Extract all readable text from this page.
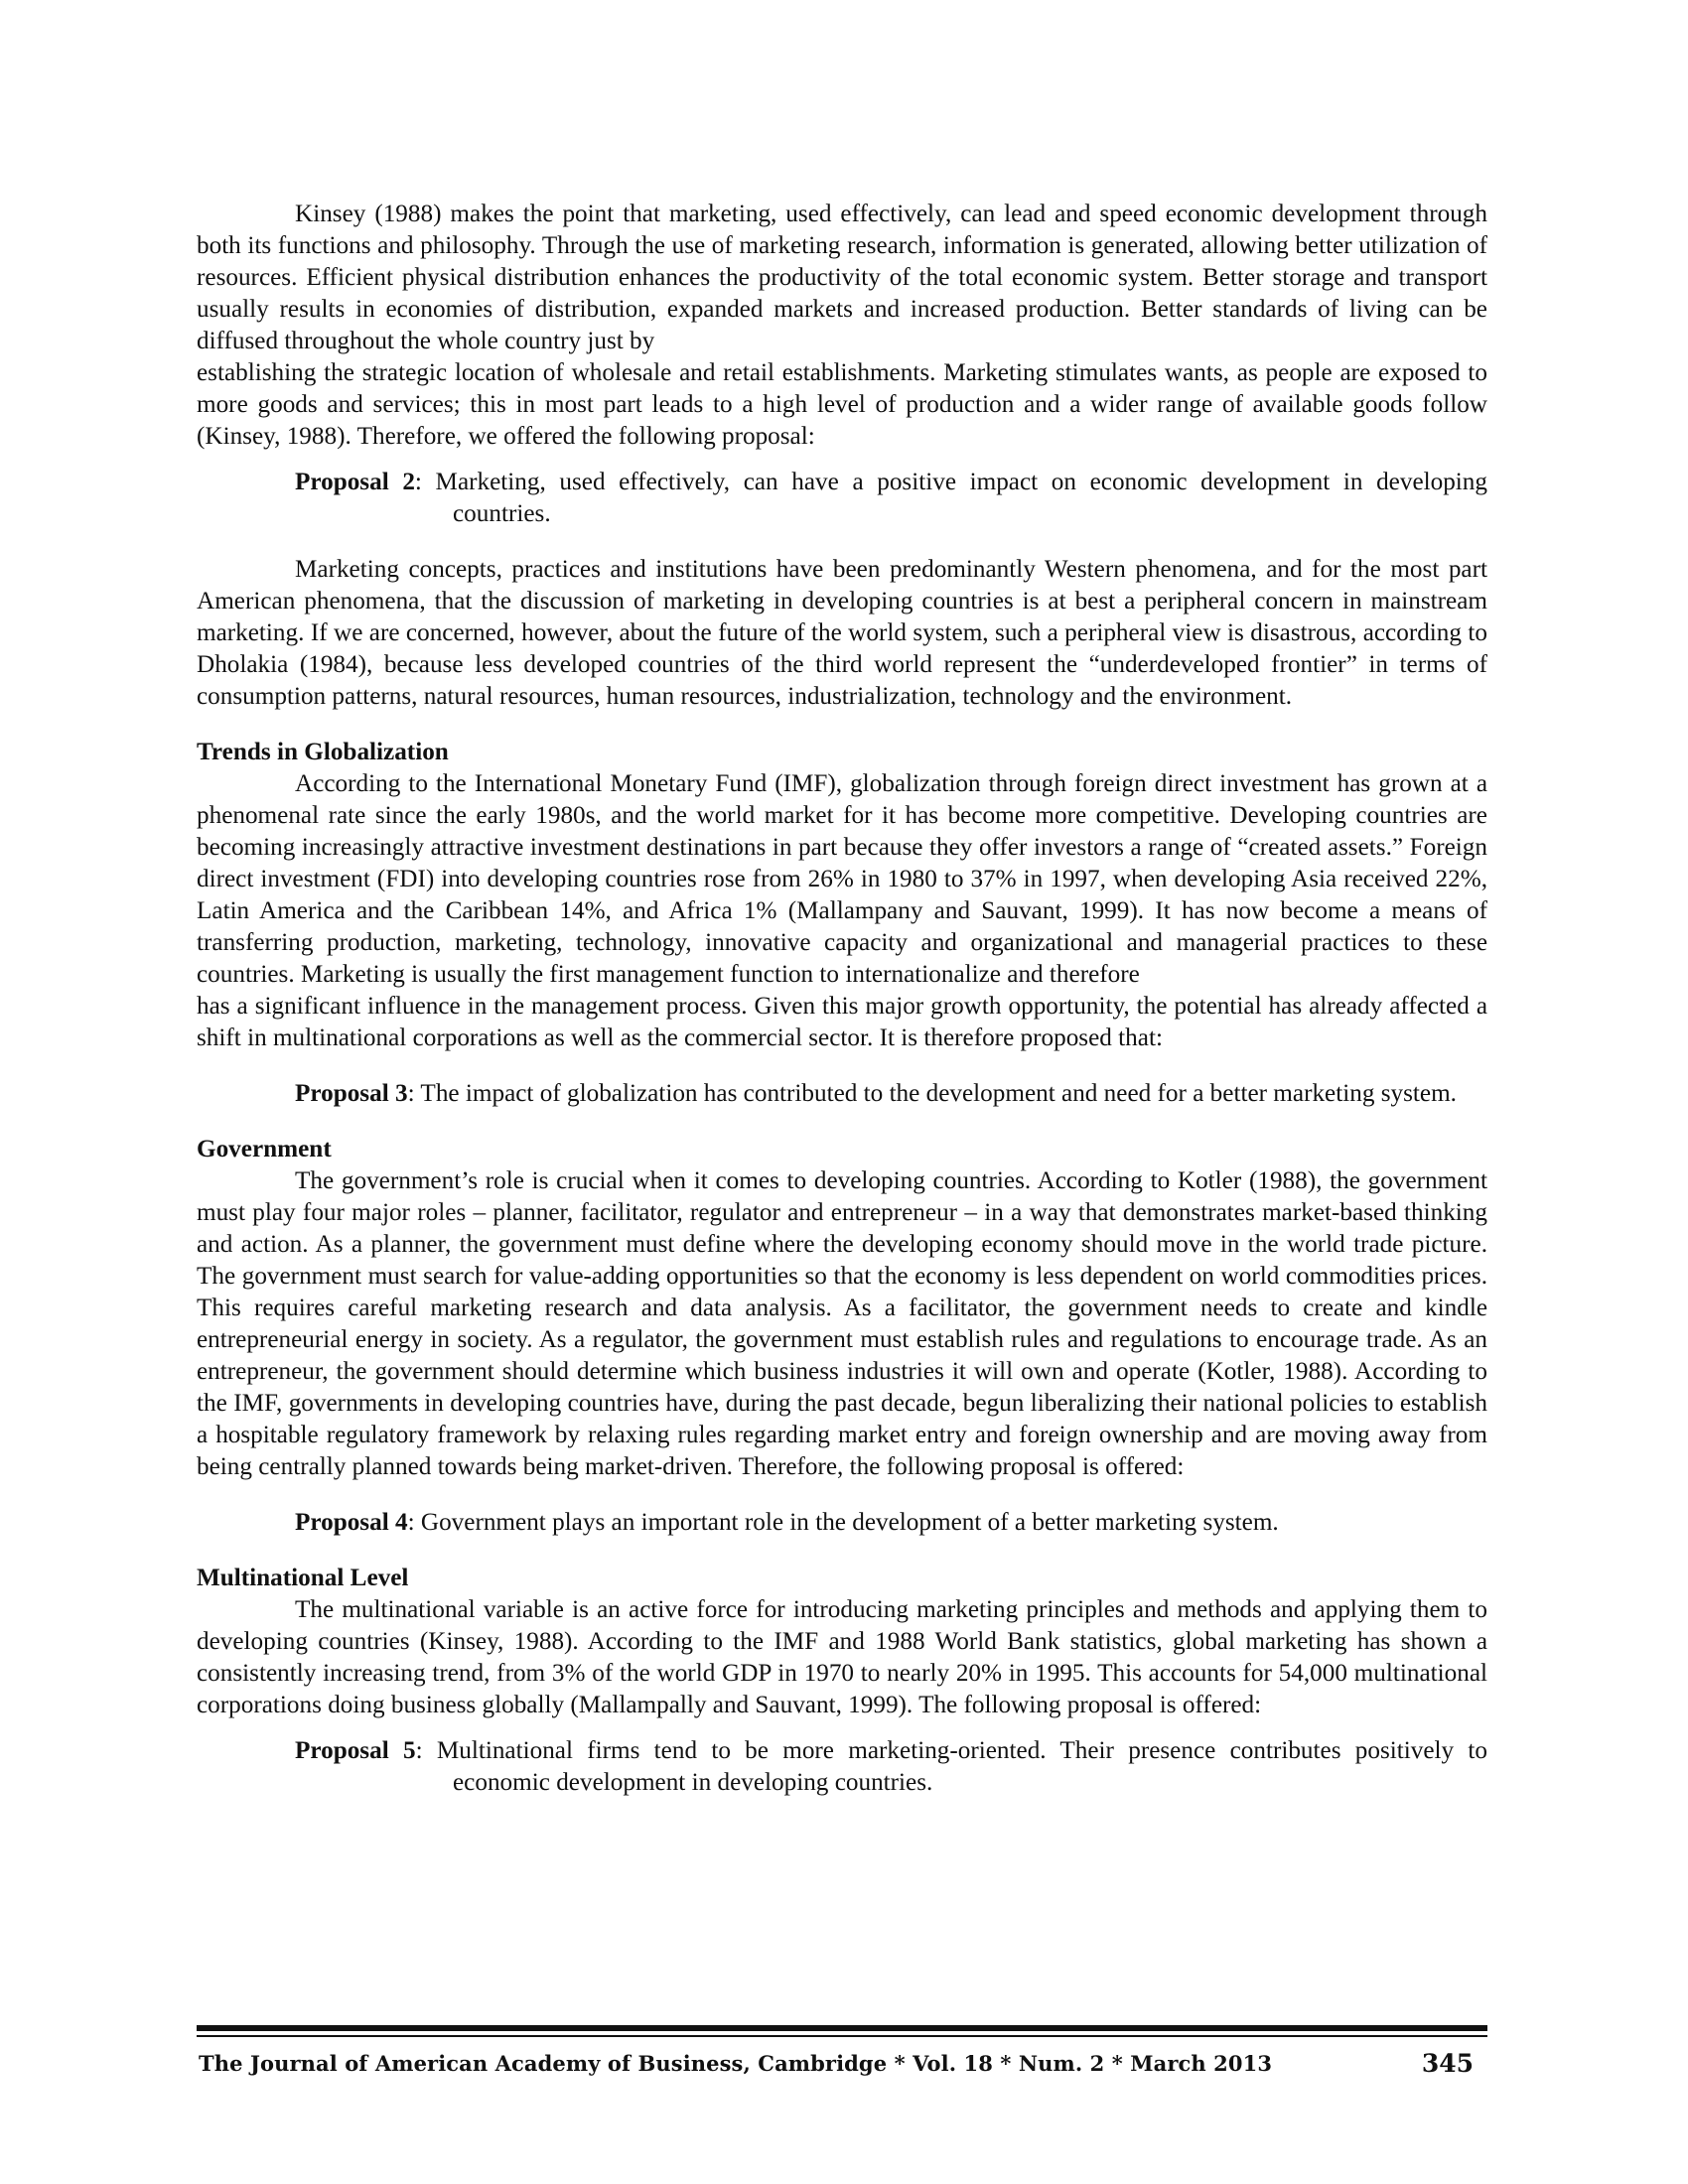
Kinsey (1988) makes the point that marketing, used effectively, can lead and speed economic development through both its functions and philosophy. Through the use of marketing research, information is generated, allowing better utilization of resources. Efficient physical distribution enhances the productivity of the total economic system. Better storage and transport usually results in economies of distribution, expanded markets and increased production. Better standards of living can be diffused throughout the whole country just by

establishing the strategic location of wholesale and retail establishments. Marketing stimulates wants, as people are exposed to more goods and services; this in most part leads to a high level of production and a wider range of available goods follow (Kinsey, 1988). Therefore, we offered the following proposal:

Proposal 2: Marketing, used effectively, can have a positive impact on economic development in developing countries.

Marketing concepts, practices and institutions have been predominantly Western phenomena, and for the most part American phenomena, that the discussion of marketing in developing countries is at best a peripheral concern in mainstream marketing. If we are concerned, however, about the future of the world system, such a peripheral view is disastrous, according to Dholakia (1984), because less developed countries of the third world represent the “underdeveloped frontier” in terms of consumption patterns, natural resources, human resources, industrialization, technology and the environment.

Trends in Globalization

According to the International Monetary Fund (IMF), globalization through foreign direct investment has grown at a phenomenal rate since the early 1980s, and the world market for it has become more competitive. Developing countries are becoming increasingly attractive investment destinations in part because they offer investors a range of “created assets.” Foreign direct investment (FDI) into developing countries rose from 26% in 1980 to 37% in 1997, when developing Asia received 22%, Latin America and the Caribbean 14%, and Africa 1% (Mallampany and Sauvant, 1999). It has now become a means of transferring production, marketing, technology, innovative capacity and organizational and managerial practices to these countries. Marketing is usually the first management function to internationalize and therefore

has a significant influence in the management process. Given this major growth opportunity, the potential has already affected a shift in multinational corporations as well as the commercial sector. It is therefore proposed that:

Proposal 3: The impact of globalization has contributed to the development and need for a better marketing system.

Government

The government’s role is crucial when it comes to developing countries. According to Kotler (1988), the government must play four major roles – planner, facilitator, regulator and entrepreneur – in a way that demonstrates market-based thinking and action. As a planner, the government must define where the developing economy should move in the world trade picture. The government must search for value-adding opportunities so that the economy is less dependent on world commodities prices. This requires careful marketing research and data analysis. As a facilitator, the government needs to create and kindle entrepreneurial energy in society. As a regulator, the government must establish rules and regulations to encourage trade. As an entrepreneur, the government should determine which business industries it will own and operate (Kotler, 1988). According to the IMF, governments in developing countries have, during the past decade, begun liberalizing their national policies to establish a hospitable regulatory framework by relaxing rules regarding market entry and foreign ownership and are moving away from being centrally planned towards being market-driven. Therefore, the following proposal is offered:

Proposal 4: Government plays an important role in the development of a better marketing system.

Multinational Level

The multinational variable is an active force for introducing marketing principles and methods and applying them to developing countries (Kinsey, 1988). According to the IMF and 1988 World Bank statistics, global marketing has shown a consistently increasing trend, from 3% of the world GDP in 1970 to nearly 20% in 1995. This accounts for 54,000 multinational corporations doing business globally (Mallampally and Sauvant, 1999). The following proposal is offered:

Proposal 5: Multinational firms tend to be more marketing-oriented. Their presence contributes positively to economic development in developing countries.

The Journal of American Academy of Business, Cambridge * Vol. 18 * Num. 2 * March 2013	345
